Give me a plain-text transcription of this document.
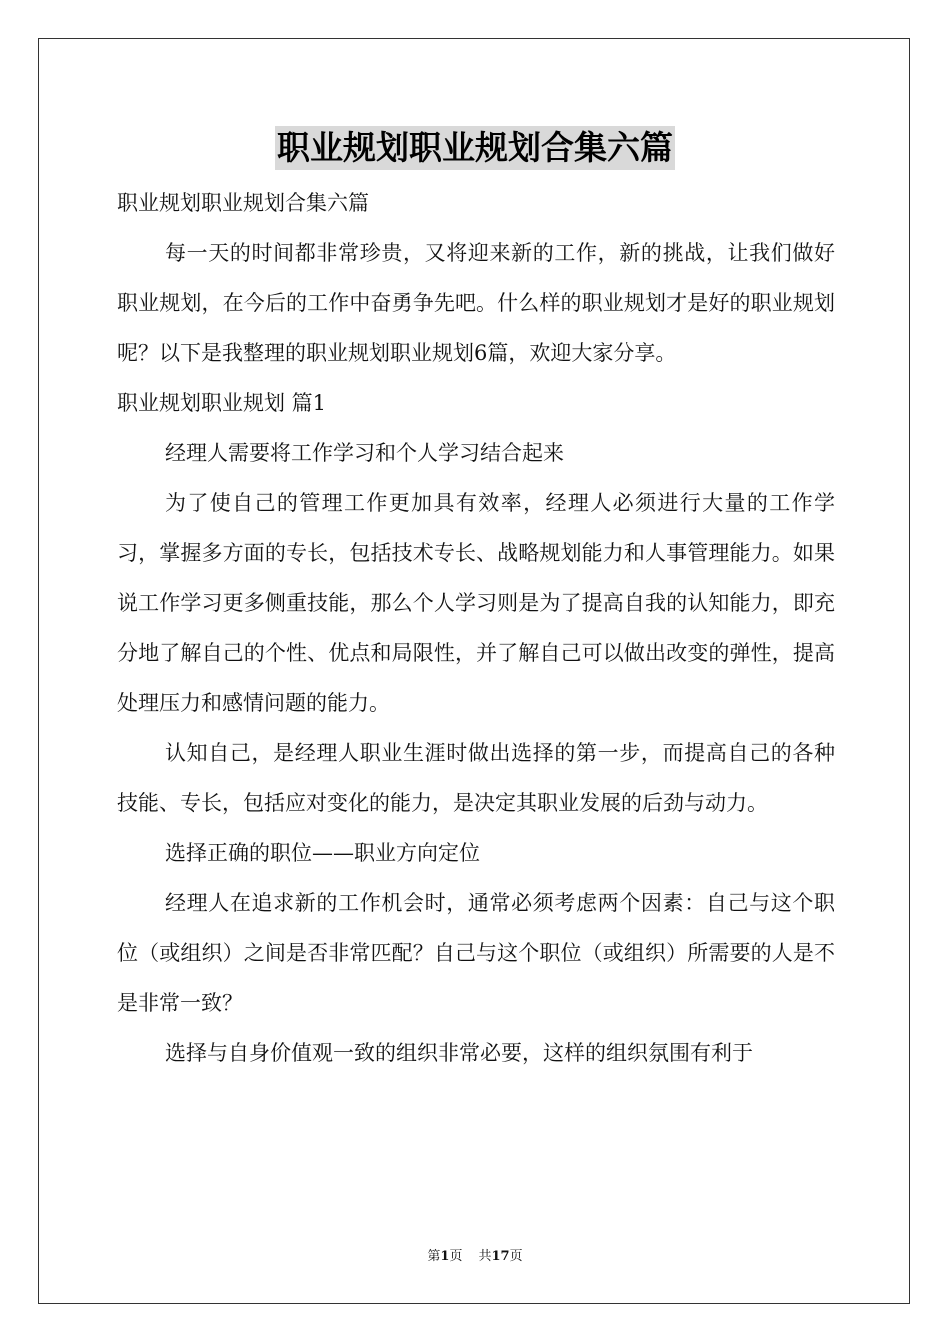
职业规划职业规划合集六篇

职业规划职业规划合集六篇

每一天的时间都非常珍贵，又将迎来新的工作，新的挑战，让我们做好职业规划，在今后的工作中奋勇争先吧。什么样的职业规划才是好的职业规划呢？以下是我整理的职业规划职业规划6篇，欢迎大家分享。

职业规划职业规划 篇1

经理人需要将工作学习和个人学习结合起来

为了使自己的管理工作更加具有效率，经理人必须进行大量的工作学习，掌握多方面的专长，包括技术专长、战略规划能力和人事管理能力。如果说工作学习更多侧重技能，那么个人学习则是为了提高自我的认知能力，即充分地了解自己的个性、优点和局限性，并了解自己可以做出改变的弹性，提高处理压力和感情问题的能力。

认知自己，是经理人职业生涯时做出选择的第一步，而提高自己的各种技能、专长，包括应对变化的能力，是决定其职业发展的后劲与动力。

选择正确的职位——职业方向定位

经理人在追求新的工作机会时，通常必须考虑两个因素：自己与这个职位（或组织）之间是否非常匹配？自己与这个职位（或组织）所需要的人是不是非常一致？

选择与自身价值观一致的组织非常必要，这样的组织氛围有利于

第1页 共17页
